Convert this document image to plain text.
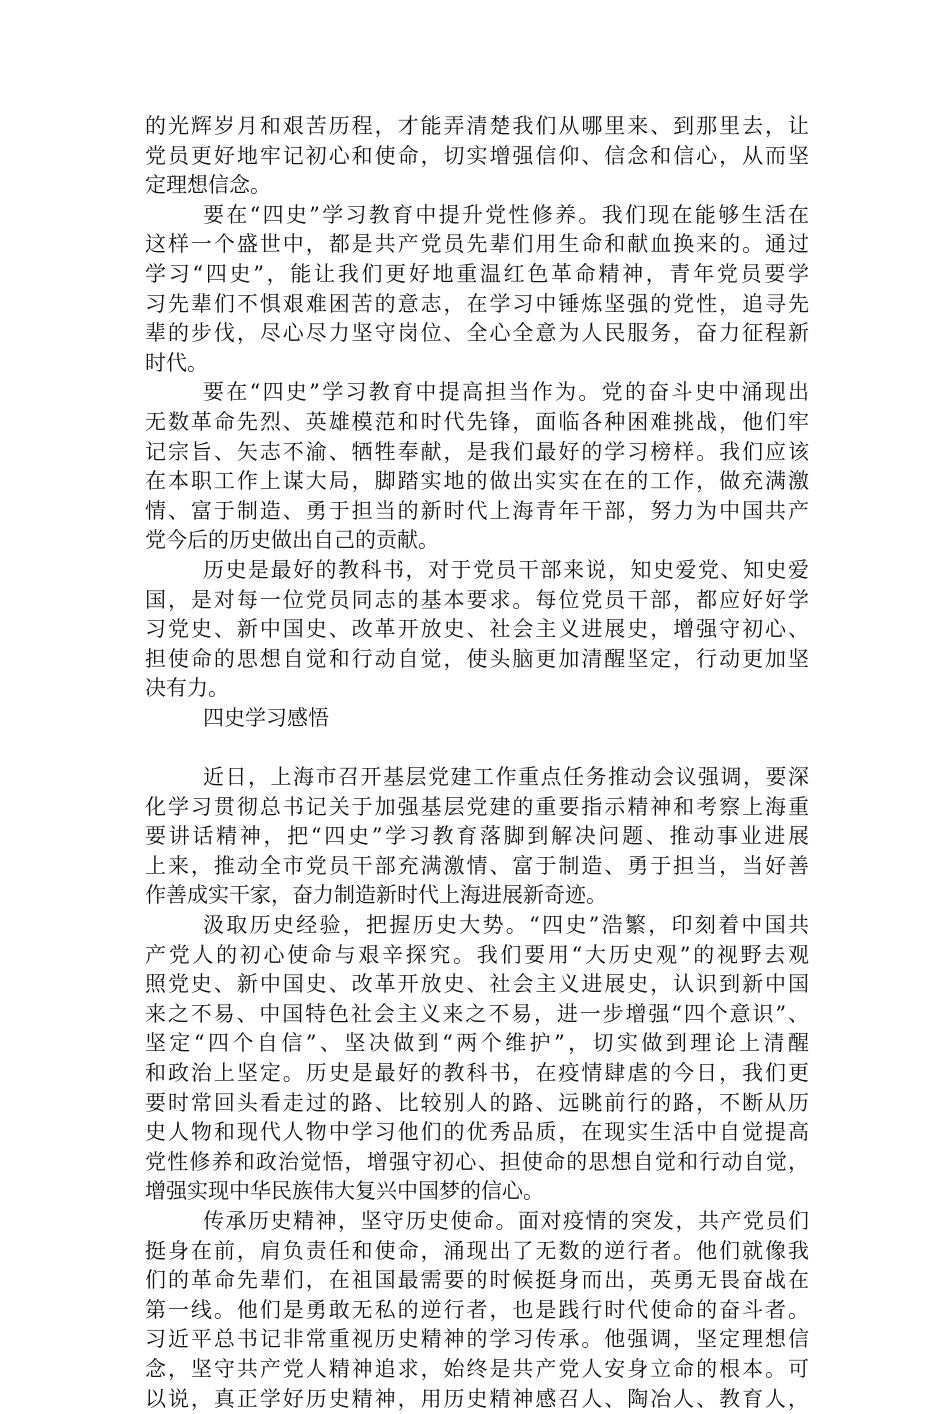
的光辉岁月和艰苦历程，才能弄清楚我们从哪里来、到那里去，让
党员更好地牢记初心和使命，切实增强信仰、信念和信心，从而坚
定理想信念。
要在“四史”学习教育中提升党性修养。我们现在能够生活在
这样一个盛世中，都是共产党员先辈们用生命和献血换来的。通过
学习“四史”，能让我们更好地重温红色革命精神，青年党员要学
习先辈们不惧艰难困苦的意志，在学习中锤炼坚强的党性，追寻先
辈的步伐，尽心尽力坚守岗位、全心全意为人民服务，奋力征程新
时代。
要在“四史”学习教育中提高担当作为。党的奋斗史中涌现出
无数革命先烈、英雄模范和时代先锋，面临各种困难挑战，他们牢
记宗旨、矢志不渝、牺牲奉献，是我们最好的学习榜样。我们应该
在本职工作上谋大局，脚踏实地的做出实实在在的工作，做充满激
情、富于制造、勇于担当的新时代上海青年干部，努力为中国共产
党今后的历史做出自己的贡献。
历史是最好的教科书，对于党员干部来说，知史爱党、知史爱
国，是对每一位党员同志的基本要求。每位党员干部，都应好好学
习党史、新中国史、改革开放史、社会主义进展史，增强守初心、
担使命的思想自觉和行动自觉，使头脑更加清醒坚定，行动更加坚
决有力。
四史学习感悟
近日，上海市召开基层党建工作重点任务推动会议强调，要深
化学习贯彻总书记关于加强基层党建的重要指示精神和考察上海重
要讲话精神，把“四史”学习教育落脚到解决问题、推动事业进展
上来，推动全市党员干部充满激情、富于制造、勇于担当，当好善
作善成实干家，奋力制造新时代上海进展新奇迹。
汲取历史经验，把握历史大势。“四史”浩繁，印刻着中国共
产党人的初心使命与艰辛探究。我们要用“大历史观”的视野去观
照党史、新中国史、改革开放史、社会主义进展史，认识到新中国
来之不易、中国特色社会主义来之不易，进一步增强“四个意识”、
坚定“四个自信”、坚决做到“两个维护”，切实做到理论上清醒
和政治上坚定。历史是最好的教科书，在疫情肆虐的今日，我们更
要时常回头看走过的路、比较别人的路、远眺前行的路，不断从历
史人物和现代人物中学习他们的优秀品质，在现实生活中自觉提高
党性修养和政治觉悟，增强守初心、担使命的思想自觉和行动自觉，
增强实现中华民族伟大复兴中国梦的信心。
传承历史精神，坚守历史使命。面对疫情的突发，共产党员们
挺身在前，肩负责任和使命，涌现出了无数的逆行者。他们就像我
们的革命先辈们，在祖国最需要的时候挺身而出，英勇无畏奋战在
第一线。他们是勇敢无私的逆行者，也是践行时代使命的奋斗者。
习近平总书记非常重视历史精神的学习传承。他强调，坚定理想信
念，坚守共产党人精神追求，始终是共产党人安身立命的根本。可
以说，真正学好历史精神，用历史精神感召人、陶冶人、教育人，
